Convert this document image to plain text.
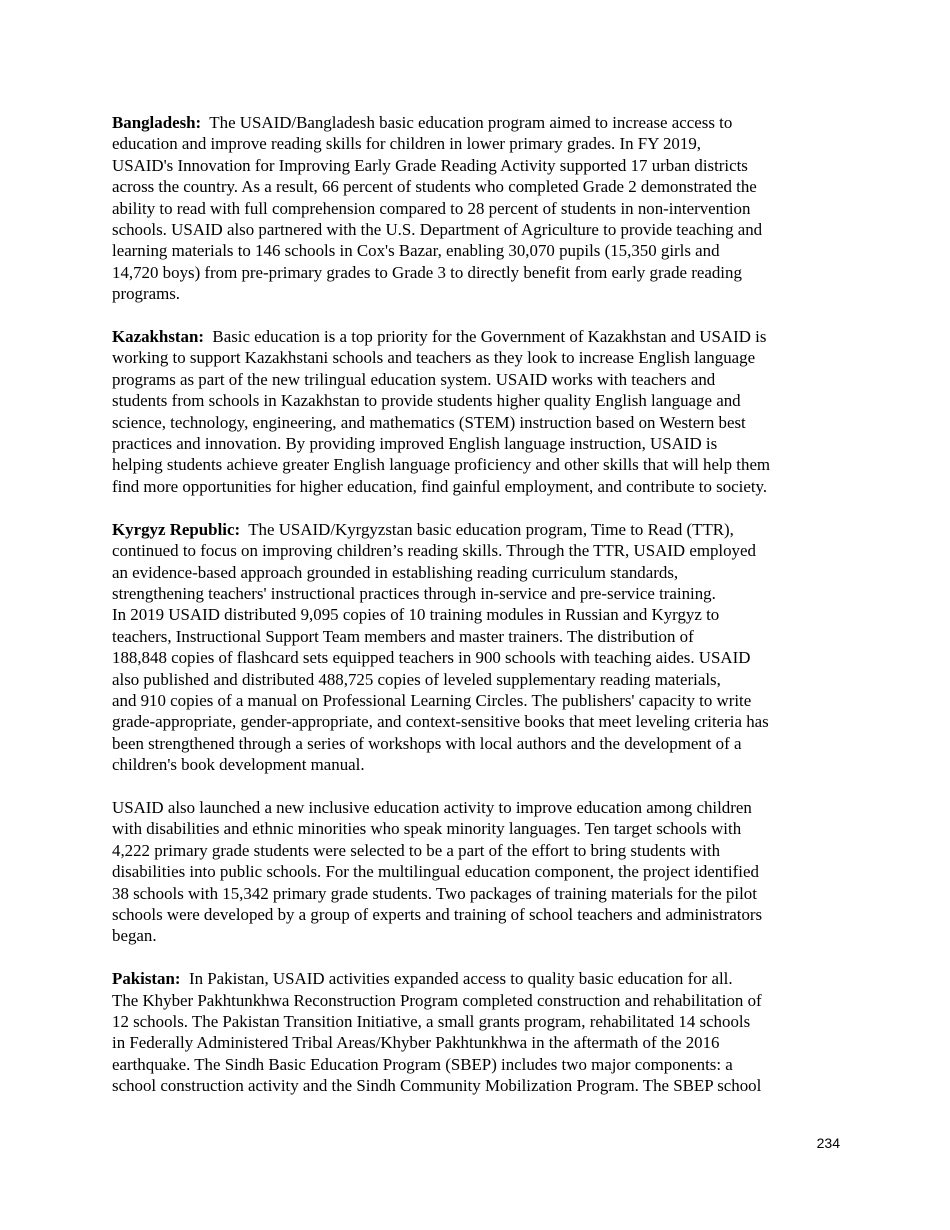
Bangladesh:  The USAID/Bangladesh basic education program aimed to increase access to
education and improve reading skills for children in lower primary grades. In FY 2019,
USAID's Innovation for Improving Early Grade Reading Activity supported 17 urban districts
across the country. As a result, 66 percent of students who completed Grade 2 demonstrated the
ability to read with full comprehension compared to 28 percent of students in non-intervention
schools. USAID also partnered with the U.S. Department of Agriculture to provide teaching and
learning materials to 146 schools in Cox's Bazar, enabling 30,070 pupils (15,350 girls and
14,720 boys) from pre-primary grades to Grade 3 to directly benefit from early grade reading
programs.

Kazakhstan:  Basic education is a top priority for the Government of Kazakhstan and USAID is
working to support Kazakhstani schools and teachers as they look to increase English language
programs as part of the new trilingual education system. USAID works with teachers and
students from schools in Kazakhstan to provide students higher quality English language and
science, technology, engineering, and mathematics (STEM) instruction based on Western best
practices and innovation. By providing improved English language instruction, USAID is
helping students achieve greater English language proficiency and other skills that will help them
find more opportunities for higher education, find gainful employment, and contribute to society.

Kyrgyz Republic:  The USAID/Kyrgyzstan basic education program, Time to Read (TTR),
continued to focus on improving children’s reading skills. Through the TTR, USAID employed
an evidence-based approach grounded in establishing reading curriculum standards,
strengthening teachers' instructional practices through in-service and pre-service training.
In 2019 USAID distributed 9,095 copies of 10 training modules in Russian and Kyrgyz to
teachers, Instructional Support Team members and master trainers. The distribution of
188,848 copies of flashcard sets equipped teachers in 900 schools with teaching aides. USAID
also published and distributed 488,725 copies of leveled supplementary reading materials,
and 910 copies of a manual on Professional Learning Circles. The publishers' capacity to write
grade-appropriate, gender-appropriate, and context-sensitive books that meet leveling criteria has
been strengthened through a series of workshops with local authors and the development of a
children's book development manual.

USAID also launched a new inclusive education activity to improve education among children
with disabilities and ethnic minorities who speak minority languages. Ten target schools with
4,222 primary grade students were selected to be a part of the effort to bring students with
disabilities into public schools. For the multilingual education component, the project identified
38 schools with 15,342 primary grade students. Two packages of training materials for the pilot
schools were developed by a group of experts and training of school teachers and administrators
began.

Pakistan:  In Pakistan, USAID activities expanded access to quality basic education for all.
The Khyber Pakhtunkhwa Reconstruction Program completed construction and rehabilitation of
12 schools. The Pakistan Transition Initiative, a small grants program, rehabilitated 14 schools
in Federally Administered Tribal Areas/Khyber Pakhtunkhwa in the aftermath of the 2016
earthquake. The Sindh Basic Education Program (SBEP) includes two major components: a
school construction activity and the Sindh Community Mobilization Program. The SBEP school

234
